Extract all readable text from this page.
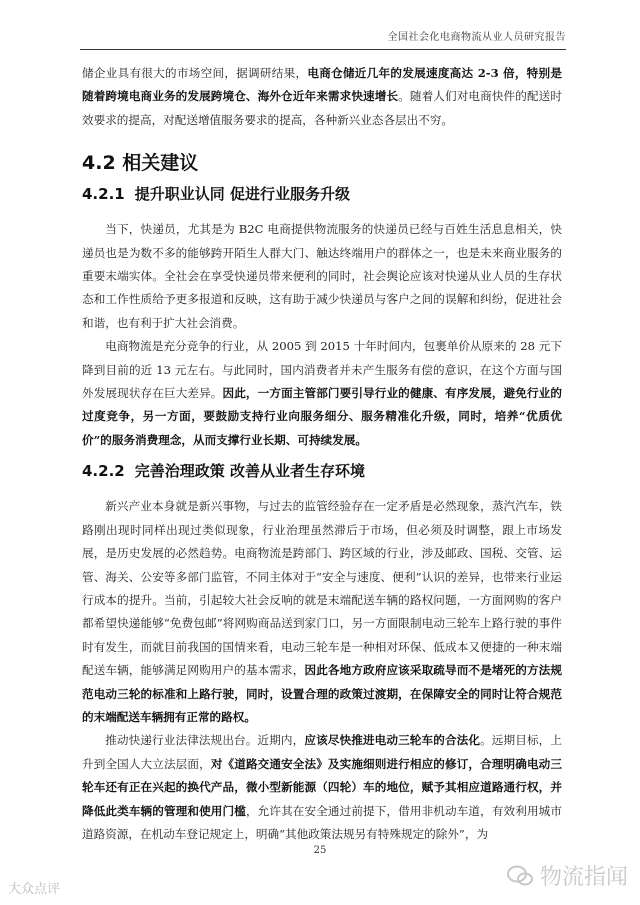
全国社会化电商物流从业人员研究报告

储企业具有很大的市场空间，据调研结果，电商仓储近几年的发展速度高达 2-3 倍，特别是随着跨境电商业务的发展跨境仓、海外仓近年来需求快速增长。随着人们对电商快件的配送时效要求的提高，对配送增值服务要求的提高，各种新兴业态各层出不穷。

4.2 相关建议
4.2.1 提升职业认同 促进行业服务升级

当下，快递员，尤其是为 B2C 电商提供物流服务的快递员已经与百姓生活息息相关，快递员也是为数不多的能够跨开陌生人群大门、触达终端用户的群体之一，也是未来商业服务的重要末端实体。全社会在享受快递员带来便利的同时，社会舆论应该对快递从业人员的生存状态和工作性质给予更多报道和反映，这有助于减少快递员与客户之间的误解和纠纷，促进社会和谐，也有利于扩大社会消费。

电商物流是充分竞争的行业，从 2005 到 2015 十年时间内，包裹单价从原来的 28 元下降到目前的近 13 元左右。与此同时，国内消费者并未产生服务有偿的意识，在这个方面与国外发展现状存在巨大差异。因此，一方面主管部门要引导行业的健康、有序发展，避免行业的过度竞争，另一方面，要鼓励支持行业向服务细分、服务精准化升级，同时，培养“优质优价”的服务消费理念，从而支撑行业长期、可持续发展。

4.2.2 完善治理政策 改善从业者生存环境

新兴产业本身就是新兴事物，与过去的监管经验存在一定矛盾是必然现象，蒸汽汽车，铁路刚出现时同样出现过类似现象，行业治理虽然滞后于市场，但必须及时调整，跟上市场发展，是历史发展的必然趋势。电商物流是跨部门、跨区域的行业，涉及邮政、国税、交管、运管、海关、公安等多部门监管，不同主体对于“安全与速度、便利”认识的差异，也带来行业运行成本的提升。当前，引起较大社会反响的就是末端配送车辆的路权问题，一方面网购的客户都希望快递能够“免费包邮”将网购商品送到家门口，另一方面限制电动三轮车上路行驶的事件时有发生，而就目前我国的国情来看，电动三轮车是一种相对环保、低成本又便捷的一种末端配送车辆，能够满足网购用户的基本需求，因此各地方政府应该采取疏导而不是堵死的方法规范电动三轮的标准和上路行驶，同时，设置合理的政策过渡期，在保障安全的同时让符合规范的末端配送车辆拥有正常的路权。

推动快递行业法律法规出台。近期内，应该尽快推进电动三轮车的合法化。远期目标，上升到全国人大立法层面，对《道路交通安全法》及实施细则进行相应的修订，合理明确电动三轮车还有正在兴起的换代产品，微小型新能源（四轮）车的地位，赋予其相应道路通行权，并降低此类车辆的管理和使用门槛，允许其在安全通过前提下，借用非机动车道，有效利用城市道路资源，在机动车登记规定上，明确“其他政策法规另有特殊规定的除外”，为

25
大众点评	物流指闻
